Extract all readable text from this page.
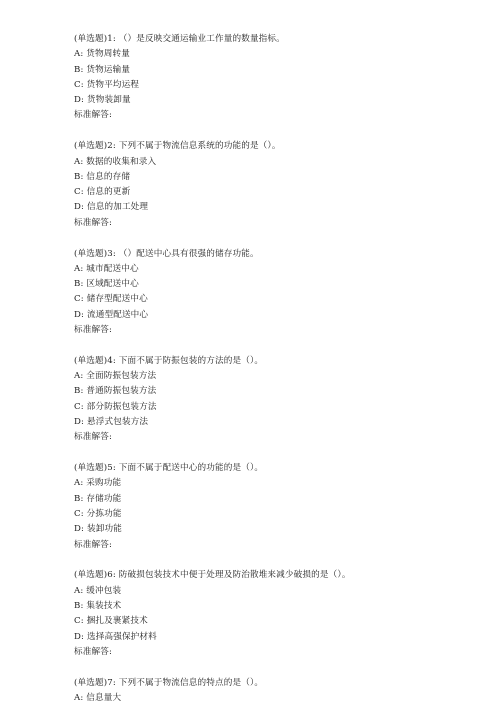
(单选题)1: （）是反映交通运输业工作量的数量指标。
A: 货物周转量
B: 货物运输量
C: 货物平均运程
D: 货物装卸量
标准解答:
(单选题)2: 下列不属于物流信息系统的功能的是（）。
A: 数据的收集和录入
B: 信息的存储
C: 信息的更新
D: 信息的加工处理
标准解答:
(单选题)3: （）配送中心具有很强的储存功能。
A: 城市配送中心
B: 区域配送中心
C: 储存型配送中心
D: 流通型配送中心
标准解答:
(单选题)4: 下面不属于防振包装的方法的是（）。
A: 全面防振包装方法
B: 普通防振包装方法
C: 部分防振包装方法
D: 悬浮式包装方法
标准解答:
(单选题)5: 下面不属于配送中心的功能的是（）。
A: 采购功能
B: 存储功能
C: 分拣功能
D: 装卸功能
标准解答:
(单选题)6: 防破损包装技术中便于处理及防治散堆来减少破损的是（）。
A: 缓冲包装
B: 集装技术
C: 捆扎及裹紧技术
D: 选择高强保护材料
标准解答:
(单选题)7: 下列不属于物流信息的特点的是（）。
A: 信息量大
